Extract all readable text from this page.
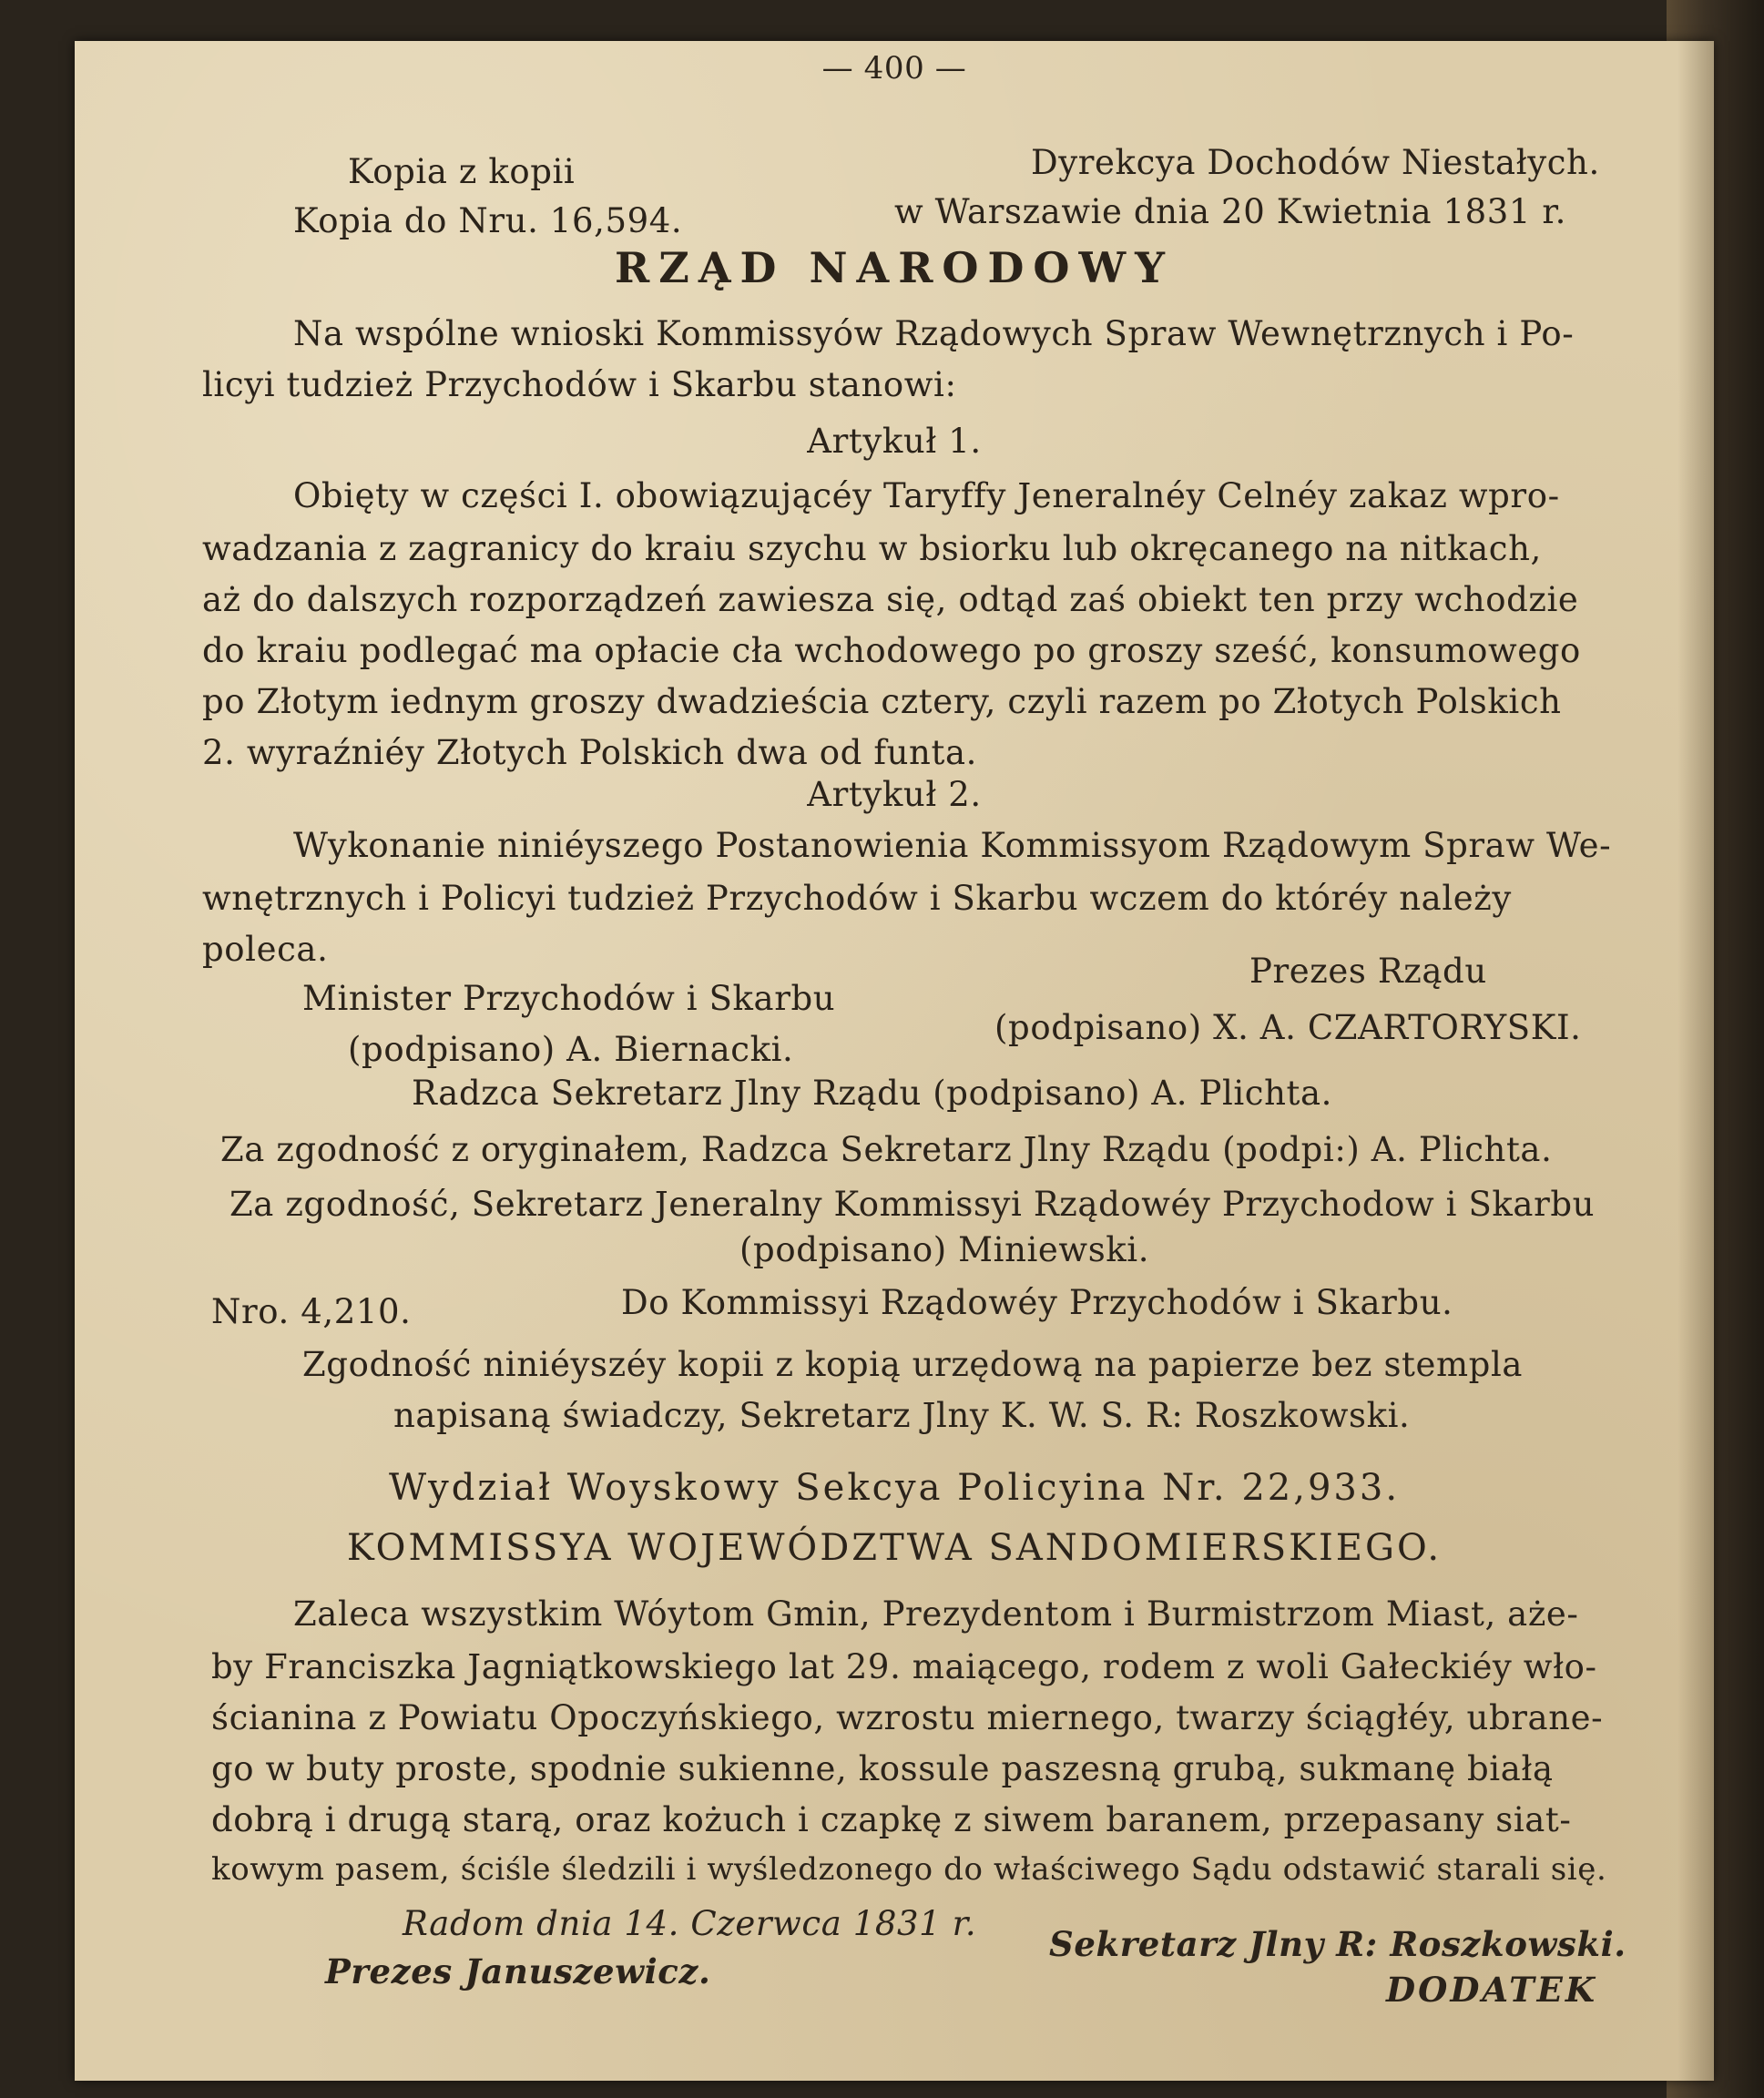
— 400 —
Kopia z kopii	Dyrekcya Dochodów Niestałych.
Kopia do Nru. 16,594.	w Warszawie dnia 20 Kwietnia 1831 r.
RZĄD NARODOWY
Na wspólne wnioski Kommissyów Rządowych Spraw Wewnętrznych i Po-
licyi tudzież Przychodów i Skarbu stanowi:
Artykuł 1.
Obięty w części I. obowiązującéy Taryffy Jeneralnéy Celnéy zakaz wpro-
wadzania z zagranicy do kraiu szychu w bsiorku lub okręcanego na nitkach,
aż do dalszych rozporządzeń zawiesza się, odtąd zaś obiekt ten przy wchodzie
do kraiu podlegać ma opłacie cła wchodowego po groszy sześć, konsumowego
po Złotym iednym groszy dwadzieścia cztery, czyli razem po Złotych Polskich
2. wyraźniéy Złotych Polskich dwa od funta.
Artykuł 2.
Wykonanie niniéyszego Postanowienia Kommissyom Rządowym Spraw We-
wnętrznych i Policyi tudzież Przychodów i Skarbu wczem do któréy należy
poleca.
Minister Przychodów i Skarbu
Prezes Rządu
(podpisano) A. Biernacki.
(podpisano) X. A. CZARTORYSKI.
Radzca Sekretarz Jlny Rządu (podpisano) A. Plichta.
Za zgodność z oryginałem, Radzca Sekretarz Jlny Rządu (podpi:) A. Plichta.
Za zgodność, Sekretarz Jeneralny Kommissyi Rządowéy Przychodow i Skarbu
(podpisano) Miniewski.
Nro. 4,210.	Do Kommissyi Rządowéy Przychodów i Skarbu.
Zgodność niniéyszéy kopii z kopią urzędową na papierze bez stempla
napisaną świadczy, Sekretarz Jlny K. W. S. R: Roszkowski.
Wydział Woyskowy Sekcya Policyina Nr. 22,933.
KOMMISSYA WOJEWÓDZTWA SANDOMIERSKIEGO.
Zaleca wszystkim Wóytom Gmin, Prezydentom i Burmistrzom Miast, aże-
by Franciszka Jagniątkowskiego lat 29. maiącego, rodem z woli Gałeckiéy wło-
ścianina z Powiatu Opoczyńskiego, wzrostu miernego, twarzy ściągłéy, ubrane-
go w buty proste, spodnie sukienne, kossule paszesną grubą, sukmanę białą
dobrą i drugą starą, oraz kożuch i czapkę z siwem baranem, przepasany siat-
kowym pasem, ściśle śledzili i wyśledzonego do właściwego Sądu odstawić starali się.
Radom dnia 14. Czerwca 1831 r.
Prezes Januszewicz.
Sekretarz Jlny R: Roszkowski.
DODATEK
